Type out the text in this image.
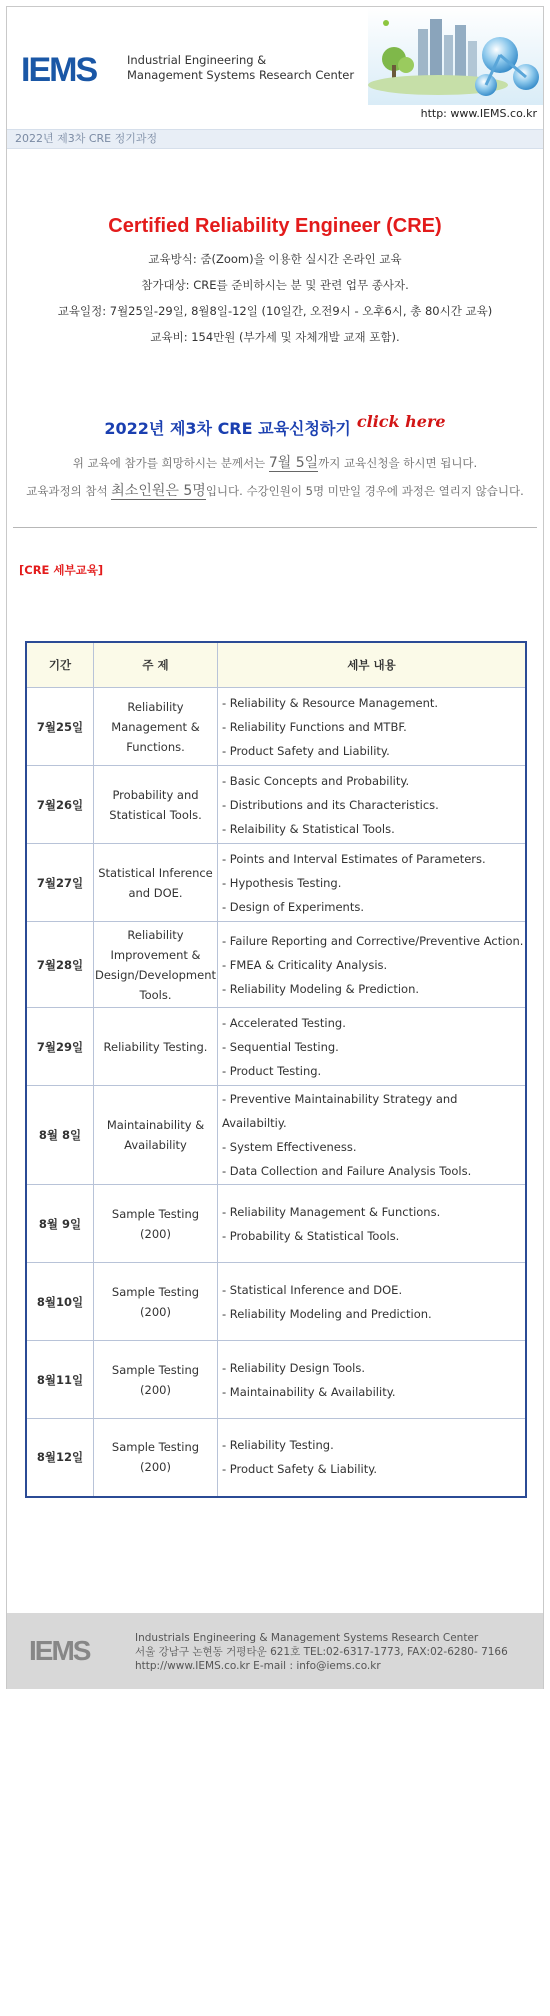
IEMS	Industrial Engineering &
Management Systems Research Center
http: www.IEMS.co.kr
2022년 제3차 CRE 정기과정
Certified Reliability Engineer (CRE)
교육방식: 줌(Zoom)을 이용한 실시간 온라인 교육
참가대상: CRE를 준비하시는 분 및 관련 업무 종사자.
교육일정: 7월25일-29일, 8월8일-12일 (10일간, 오전9시 - 오후6시, 총 80시간 교육)
교육비: 154만원 (부가세 및 자체개발 교재 포함).
2022년 제3차 CRE 교육신청하기 click here
위 교육에 참가를 희망하시는 분께서는 7월 5일까지 교육신청을 하시면 됩니다.
교육과정의 참석 최소인원은 5명입니다. 수강인원이 5명 미만일 경우에 과정은 열리지 않습니다.
[CRE 세부교육]
기간	주 제	세부 내용
7월25일	Reliability Management & Functions.	- Reliability & Resource Management.
- Reliability Functions and MTBF.
- Product Safety and Liability.

7월26일	Probability and Statistical Tools.	- Basic Concepts and Probability.
- Distributions and its Characteristics.
- Relaibility & Statistical Tools.

7월27일	Statistical Inference and DOE.	- Points and Interval Estimates of Parameters.
- Hypothesis Testing.
- Design of Experiments.

7월28일	Reliability Improvement & Design/Development Tools.	- Failure Reporting and Corrective/Preventive Action.
- FMEA & Criticality Analysis.
- Reliability Modeling & Prediction.

7월29일	Reliability Testing.	- Accelerated Testing.
- Sequential Testing.
- Product Testing.

8월 8일	Maintainability & Availability	- Preventive Maintainability Strategy and Availabiltiy.
- System Effectiveness.
- Data Collection and Failure Analysis Tools.

8월 9일	Sample Testing (200)	- Reliability Management & Functions.
- Probability & Statistical Tools.

8월10일	Sample Testing (200)	- Statistical Inference and DOE.
- Reliability Modeling and Prediction.

8월11일	Sample Testing (200)	- Reliability Design Tools.
- Maintainability & Availability.

8월12일	Sample Testing (200)	- Reliability Testing.
- Product Safety & Liability.
IEMS	Industrials Engineering & Management Systems Research Center
서울 강남구 논현동 거평타운 621호 TEL:02-6317-1773, FAX:02-6280- 7166
http://www.IEMS.co.kr E-mail : info@iems.co.kr
